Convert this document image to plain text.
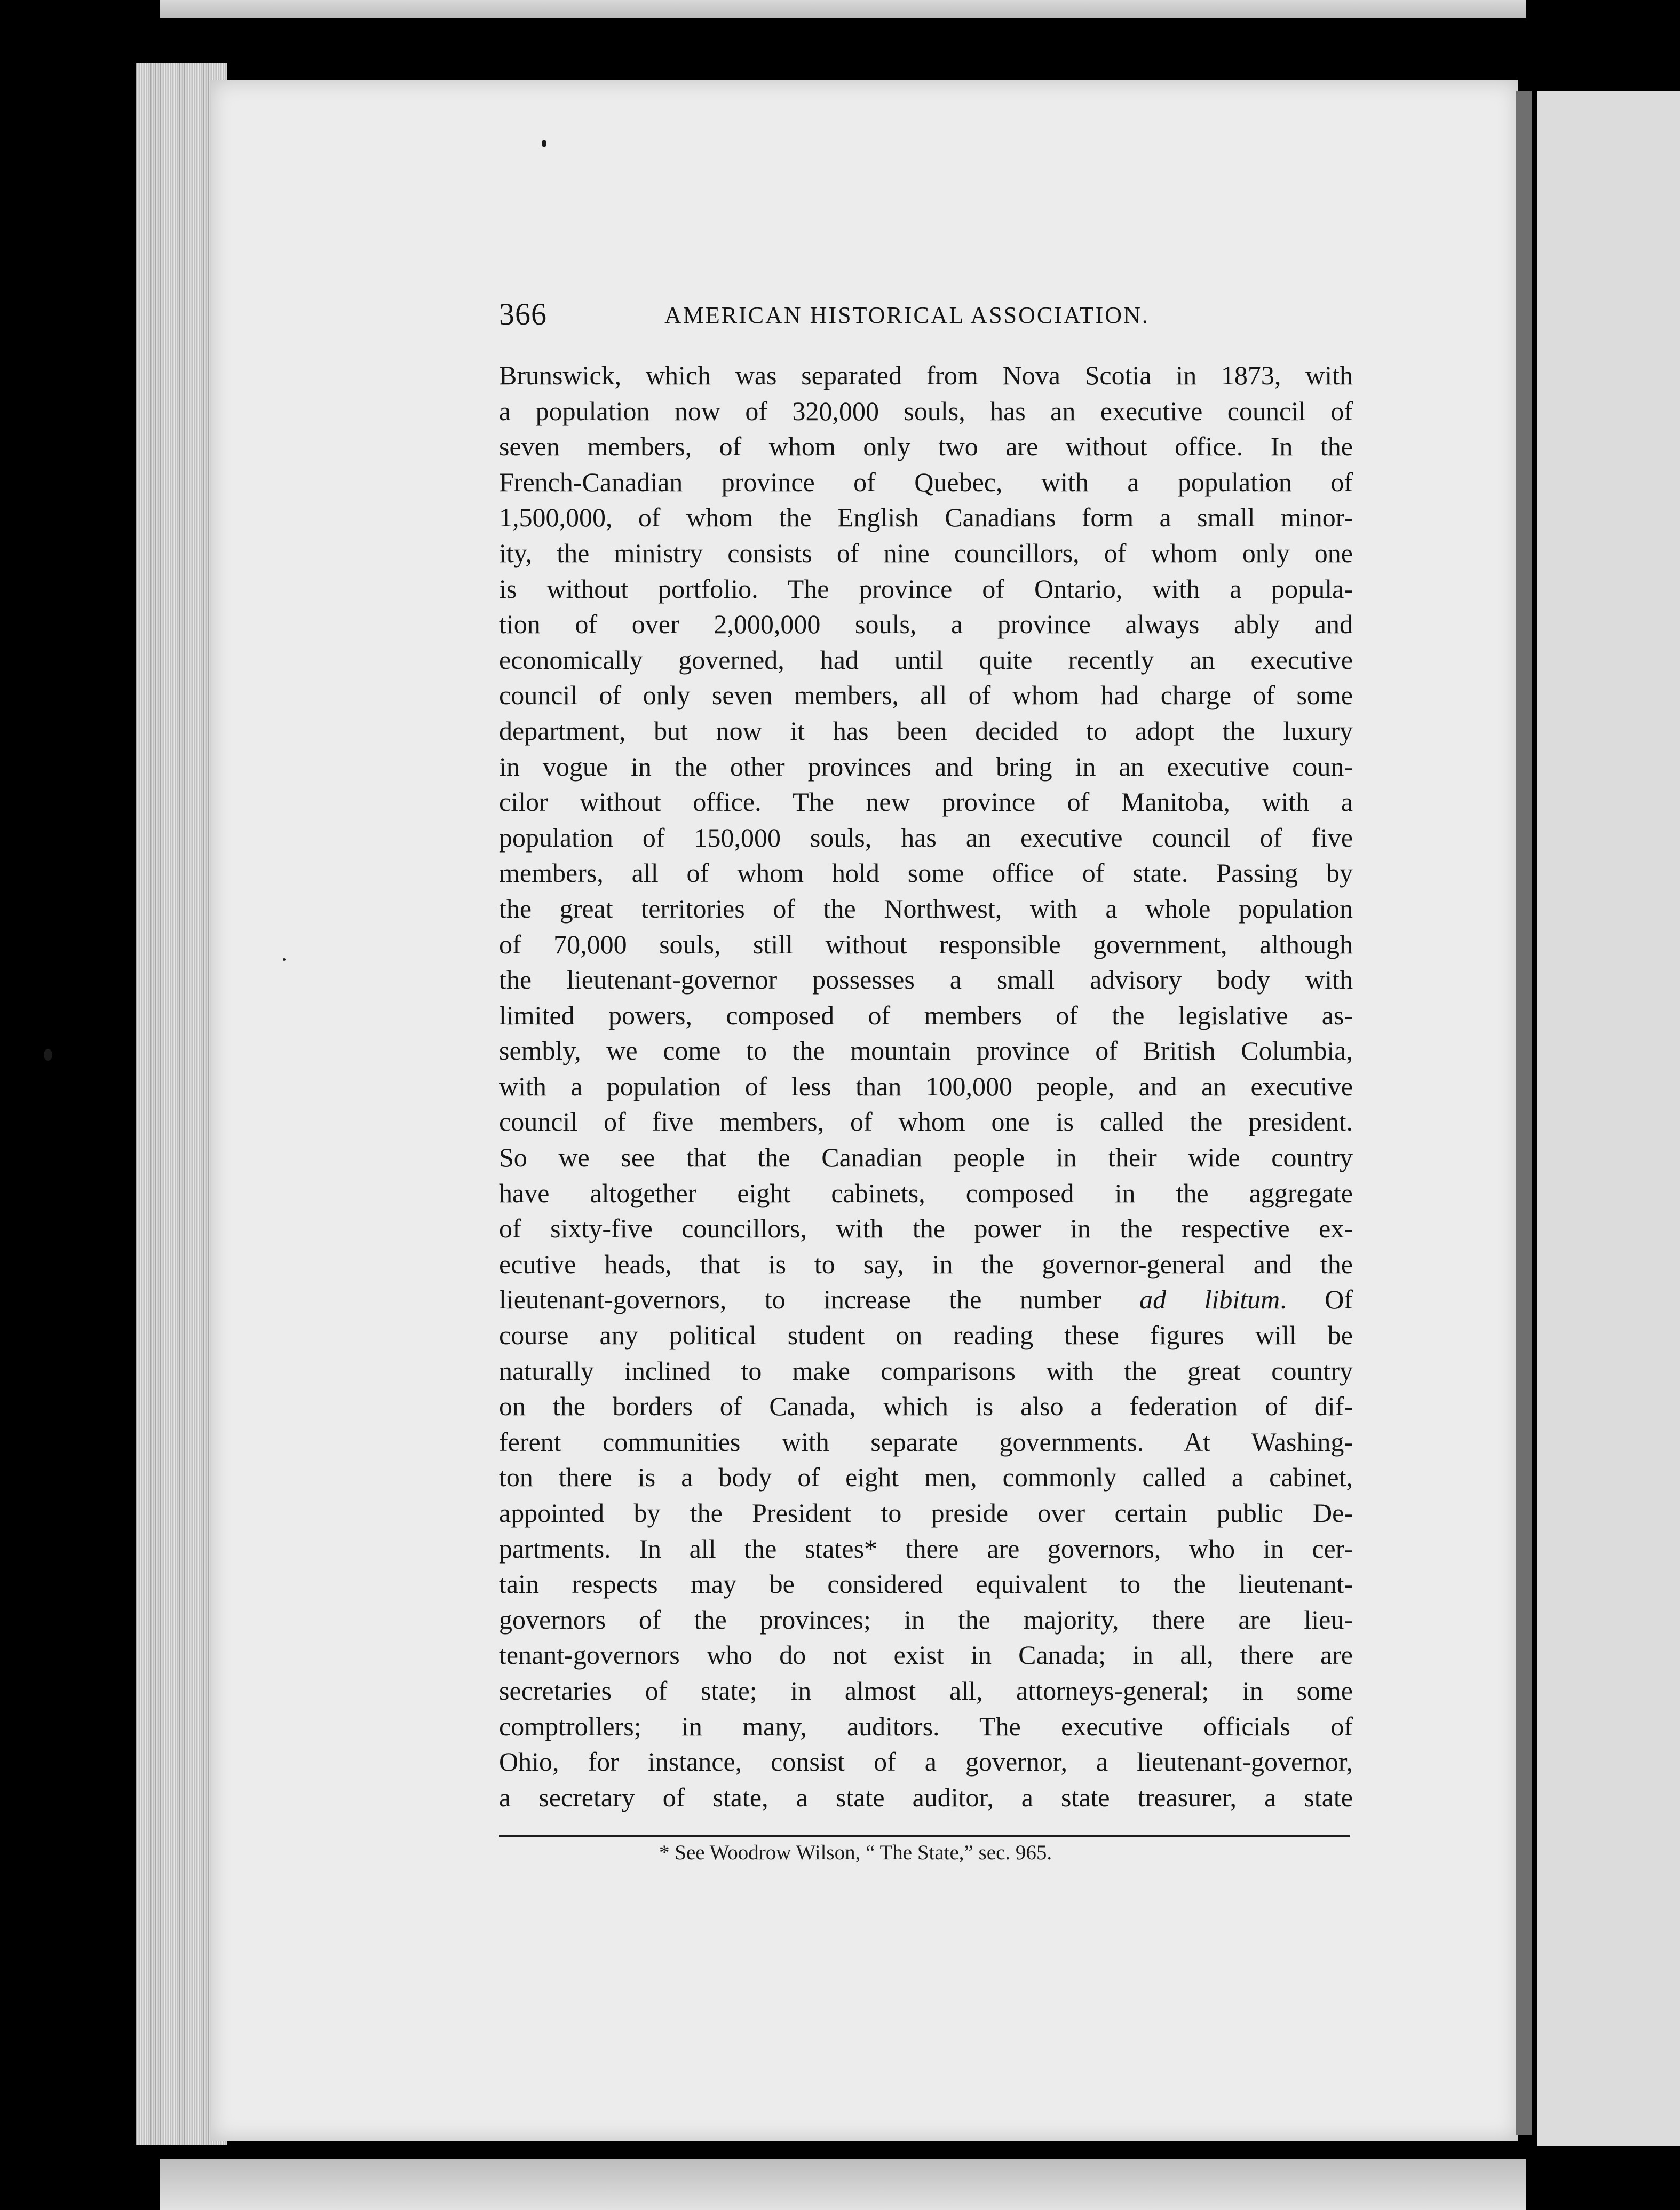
366	AMERICAN HISTORICAL ASSOCIATION.
Brunswick, which was separated from Nova Scotia in 1873, with
a population now of 320,000 souls, has an executive council of
seven members, of whom only two are without office. In the
French-Canadian province of Quebec, with a population of
1,500,000, of whom the English Canadians form a small minor-
ity, the ministry consists of nine councillors, of whom only one
is without portfolio. The province of Ontario, with a popula-
tion of over 2,000,000 souls, a province always ably and
economically governed, had until quite recently an executive
council of only seven members, all of whom had charge of some
department, but now it has been decided to adopt the luxury
in vogue in the other provinces and bring in an executive coun-
cilor without office. The new province of Manitoba, with a
population of 150,000 souls, has an executive council of five
members, all of whom hold some office of state. Passing by
the great territories of the Northwest, with a whole population
of 70,000 souls, still without responsible government, although
the lieutenant-governor possesses a small advisory body with
limited powers, composed of members of the legislative as-
sembly, we come to the mountain province of British Columbia,
with a population of less than 100,000 people, and an executive
council of five members, of whom one is called the president.
So we see that the Canadian people in their wide country
have altogether eight cabinets, composed in the aggregate
of sixty-five councillors, with the power in the respective ex-
ecutive heads, that is to say, in the governor-general and the
lieutenant-governors, to increase the number ad libitum. Of
course any political student on reading these figures will be
naturally inclined to make comparisons with the great country
on the borders of Canada, which is also a federation of dif-
ferent communities with separate governments. At Washing-
ton there is a body of eight men, commonly called a cabinet,
appointed by the President to preside over certain public De-
partments. In all the states* there are governors, who in cer-
tain respects may be considered equivalent to the lieutenant-
governors of the provinces; in the majority, there are lieu-
tenant-governors who do not exist in Canada; in all, there are
secretaries of state; in almost all, attorneys-general; in some
comptrollers; in many, auditors. The executive officials of
Ohio, for instance, consist of a governor, a lieutenant-governor,
a secretary of state, a state auditor, a state treasurer, a state
* See Woodrow Wilson, “ The State,” sec. 965.
